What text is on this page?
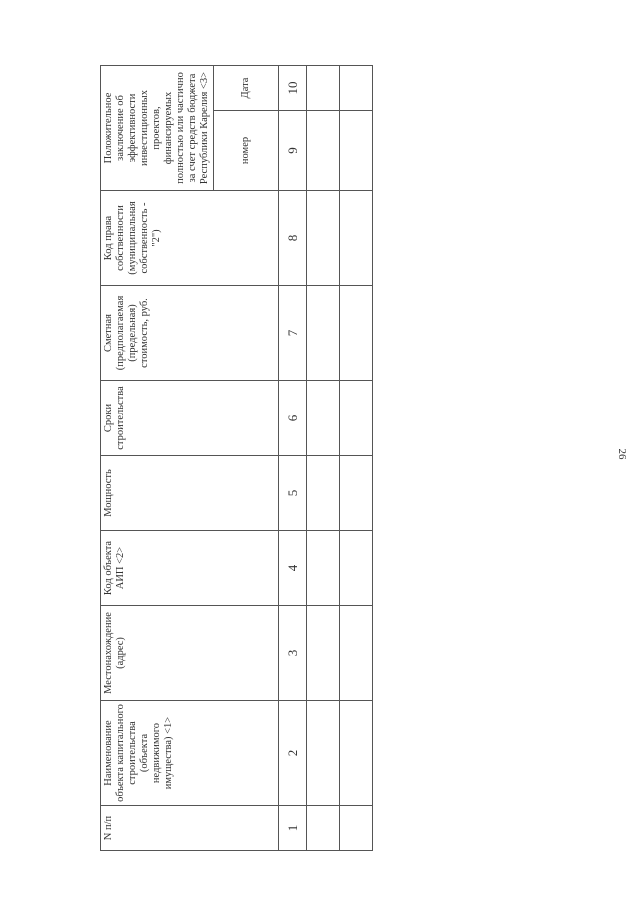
N п/п	Наименование объекта капитального строительства (объекта недвижимого имущества) <1>	Местонахождение (адрес)	Код объекта АИП <2>	Мощность	Сроки строительства	Сметная (предполагаемая (предельная) стоимость, руб.	Код права собственности (муниципальная собственность - "2")	Положительное заключение об эффективности инвестиционных проектов, финансируемых полностью или частично за счет средств бюджета Республики Карелия <3>	
								номер	Дата
1	2	3	4	5	6	7	8	9	10

26
